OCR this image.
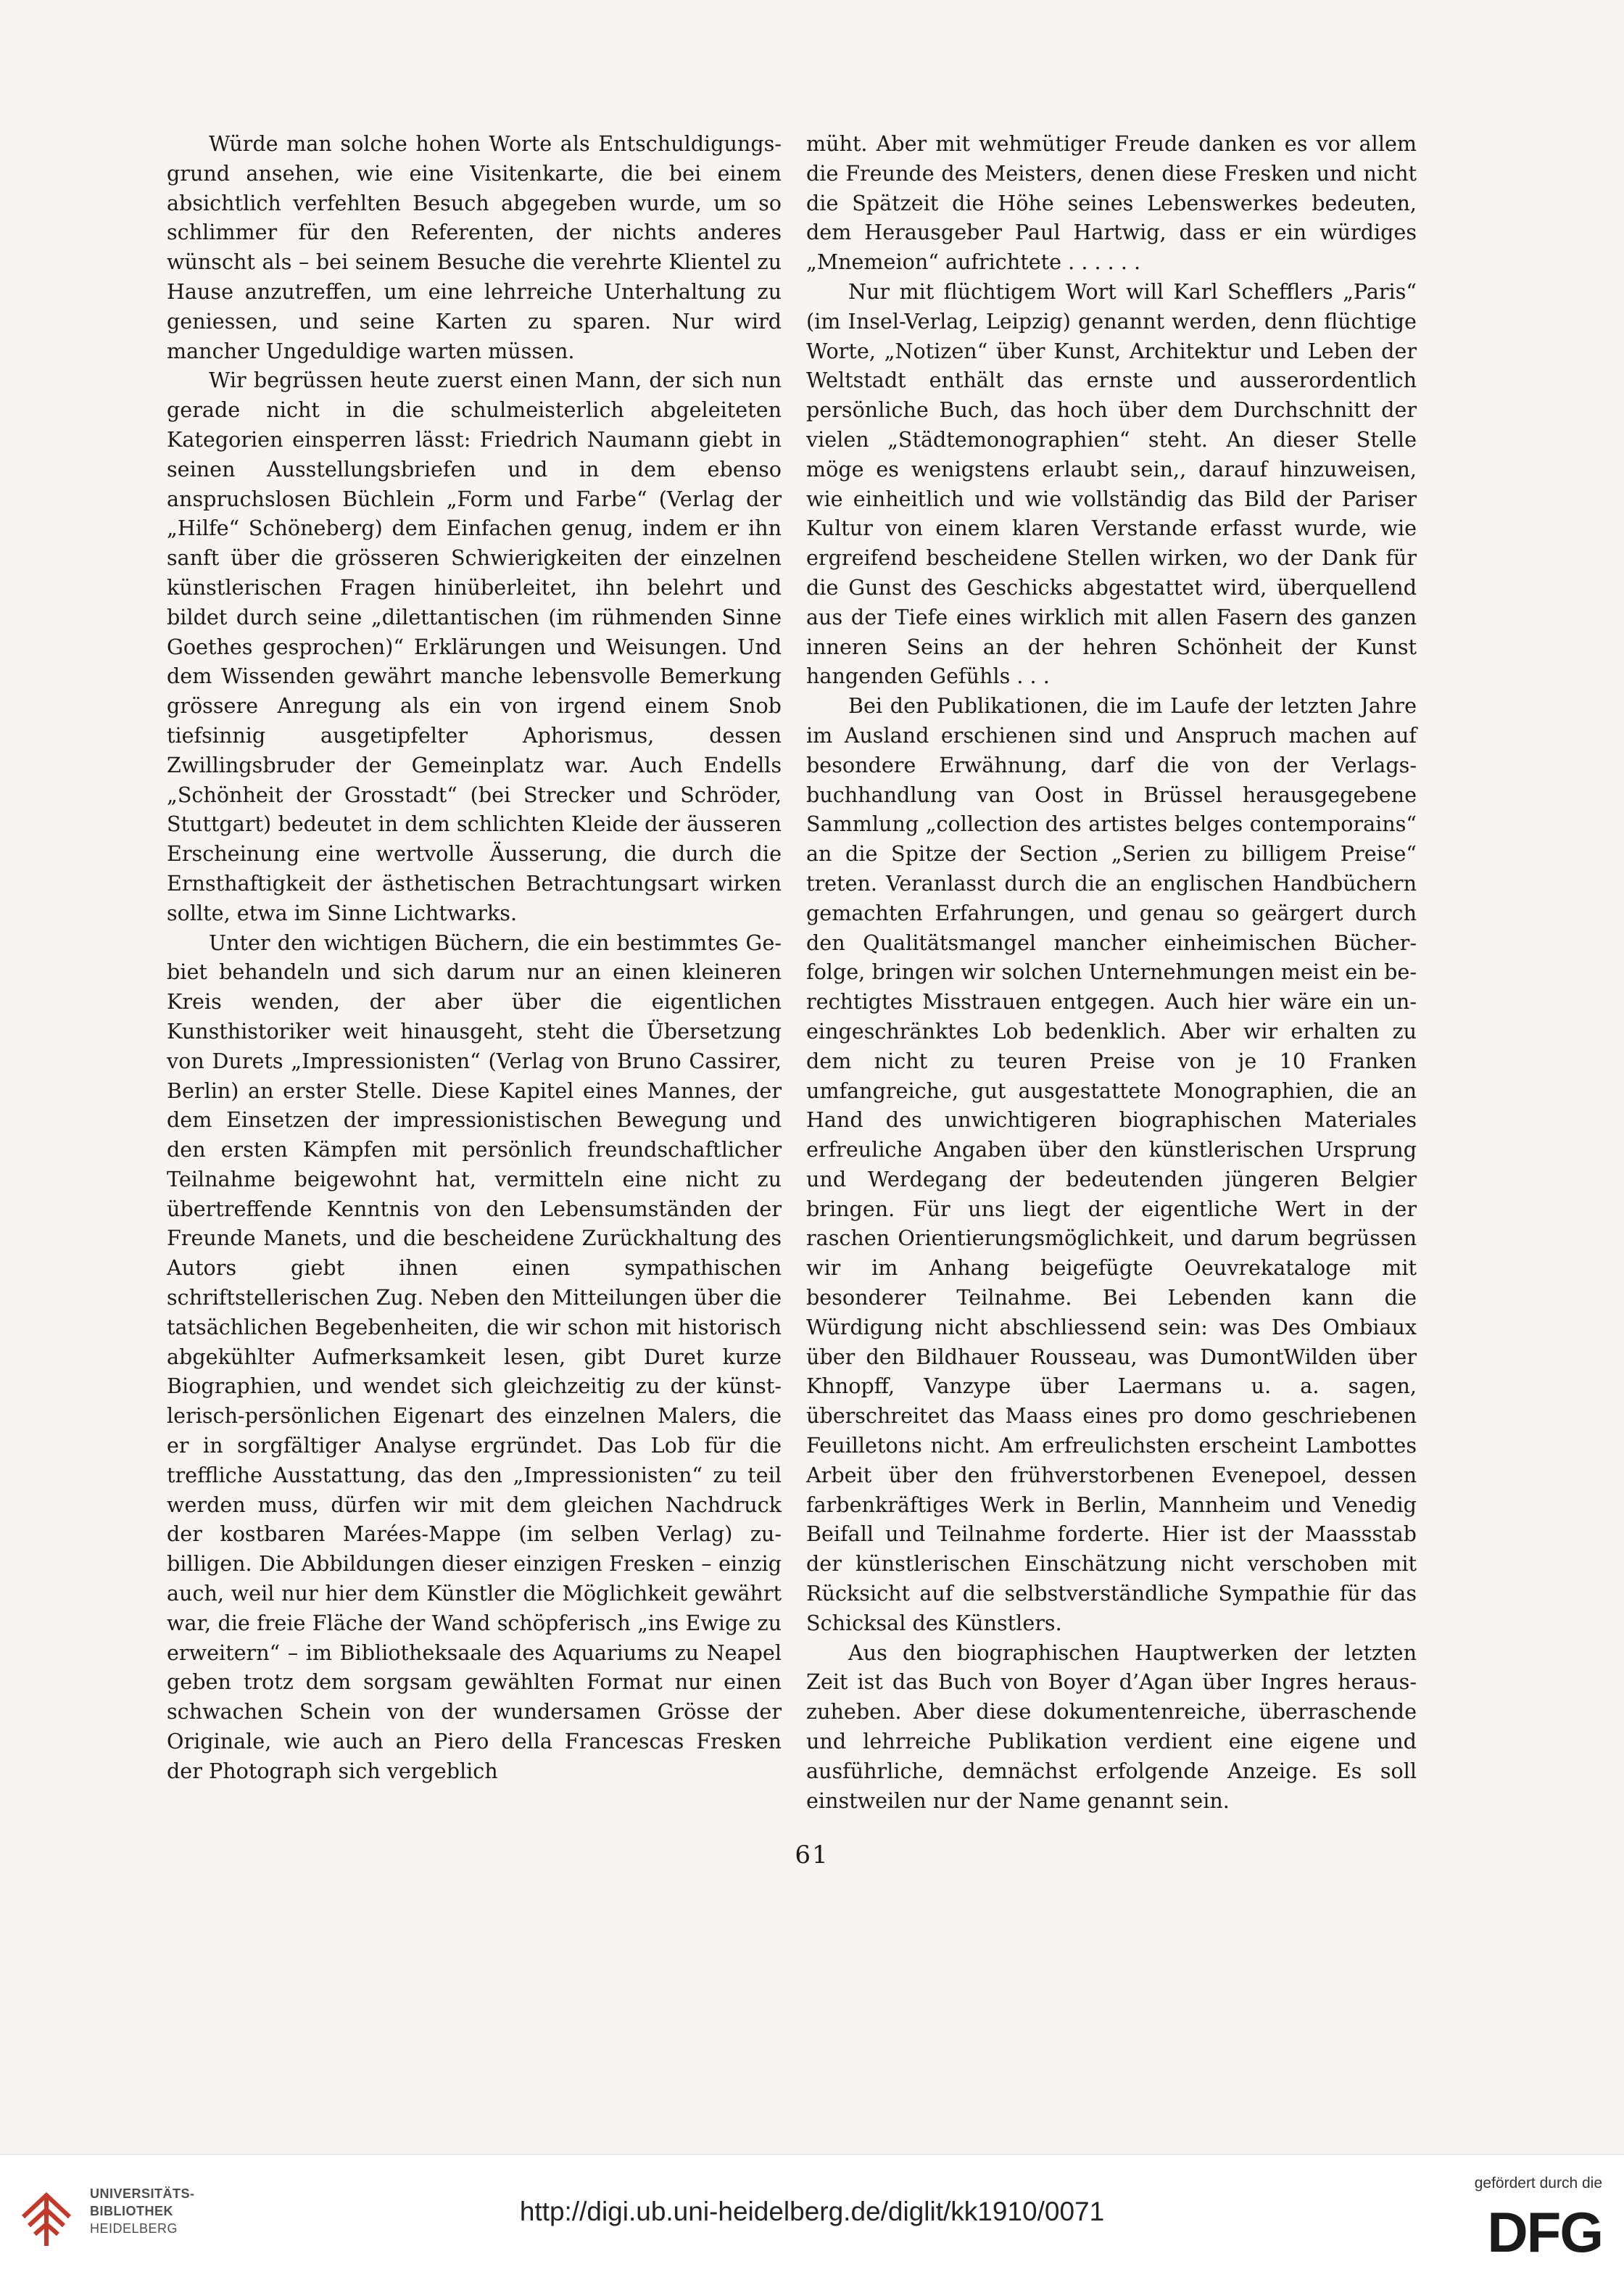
Würde man solche hohen Worte als Entschuldigungsgrund ansehen, wie eine Visitenkarte, die bei einem absichtlich verfehlten Besuch abgegeben wurde, um so schlimmer für den Referenten, der nichts anderes wünscht als – bei seinem Besuche die verehrte Klientel zu Hause anzutreffen, um eine lehrreiche Unterhaltung zu geniessen, und seine Karten zu sparen. Nur wird mancher Ungeduldige warten müssen.

Wir begrüssen heute zuerst einen Mann, der sich nun gerade nicht in die schulmeisterlich abgeleiteten Kategorien einsperren lässt: Friedrich Naumann giebt in seinen Ausstellungsbriefen und in dem ebenso anspruchslosen Büchlein „Form und Farbe“ (Verlag der „Hilfe“ Schöneberg) dem Einfachen genug, indem er ihn sanft über die grösseren Schwierigkeiten der einzelnen künstlerischen Fragen hinüberleitet, ihn belehrt und bildet durch seine „dilettantischen (im rühmenden Sinne Goethes gesprochen)“ Erklärungen und Weisungen. Und dem Wissenden gewährt manche lebensvolle Bemerkung grössere Anregung als ein von irgend einem Snob tiefsinnig ausgetipfelter Aphorismus, dessen Zwillingsbruder der Gemeinplatz war. Auch Endells „Schönheit der Grosstadt“ (bei Strecker und Schröder, Stuttgart) bedeutet in dem schlichten Kleide der äusseren Erscheinung eine wertvolle Äusserung, die durch die Ernsthaftigkeit der ästhetischen Betrachtungsart wirken sollte, etwa im Sinne Lichtwarks.

Unter den wichtigen Büchern, die ein bestimmtes Gebiet behandeln und sich darum nur an einen kleineren Kreis wenden, der aber über die eigentlichen Kunsthistoriker weit hinausgeht, steht die Übersetzung von Durets „Impressionisten“ (Verlag von Bruno Cassirer, Berlin) an erster Stelle. Diese Kapitel eines Mannes, der dem Einsetzen der impressionistischen Bewegung und den ersten Kämpfen mit persönlich freundschaftlicher Teilnahme beigewohnt hat, vermitteln eine nicht zu übertreffende Kenntnis von den Lebensumständen der Freunde Manets, und die bescheidene Zurückhaltung des Autors giebt ihnen einen sympathischen schriftstellerischen Zug. Neben den Mitteilungen über die tatsächlichen Begebenheiten, die wir schon mit historisch abgekühlter Aufmerksamkeit lesen, gibt Duret kurze Biographien, und wendet sich gleichzeitig zu der künstlerisch-persönlichen Eigenart des einzelnen Malers, die er in sorgfältiger Analyse ergründet. Das Lob für die treffliche Ausstattung, das den „Impressionisten“ zu teil werden muss, dürfen wir mit dem gleichen Nachdruck der kostbaren Marées-Mappe (im selben Verlag) zubilligen. Die Abbildungen dieser einzigen Fresken – einzig auch, weil nur hier dem Künstler die Möglichkeit gewährt war, die freie Fläche der Wand schöpferisch „ins Ewige zu erweitern“ – im Bibliotheksaale des Aquariums zu Neapel geben trotz dem sorgsam gewählten Format nur einen schwachen Schein von der wundersamen Grösse der Originale, wie auch an Piero della Francescas Fresken der Photograph sich vergeblich

müht. Aber mit wehmütiger Freude danken es vor allem die Freunde des Meisters, denen diese Fresken und nicht die Spätzeit die Höhe seines Lebenswerkes bedeuten, dem Herausgeber Paul Hartwig, dass er ein würdiges „Mnemeion“ aufrichtete . . . . . .

Nur mit flüchtigem Wort will Karl Schefflers „Paris“ (im Insel-Verlag, Leipzig) genannt werden, denn flüchtige Worte, „Notizen“ über Kunst, Architektur und Leben der Weltstadt enthält das ernste und ausserordentlich persönliche Buch, das hoch über dem Durchschnitt der vielen „Städtemonographien“ steht. An dieser Stelle möge es wenigstens erlaubt sein,, darauf hinzuweisen, wie einheitlich und wie vollständig das Bild der Pariser Kultur von einem klaren Verstande erfasst wurde, wie ergreifend bescheidene Stellen wirken, wo der Dank für die Gunst des Geschicks abgestattet wird, überquellend aus der Tiefe eines wirklich mit allen Fasern des ganzen inneren Seins an der hehren Schönheit der Kunst hangenden Gefühls . . .

Bei den Publikationen, die im Laufe der letzten Jahre im Ausland erschienen sind und Anspruch machen auf besondere Erwähnung, darf die von der Verlagsbuchhandlung van Oost in Brüssel herausgegebene Sammlung „collection des artistes belges contemporains“ an die Spitze der Section „Serien zu billigem Preise“ treten. Veranlasst durch die an englischen Handbüchern gemachten Erfahrungen, und genau so geärgert durch den Qualitätsmangel mancher einheimischen Bücherfolge, bringen wir solchen Unternehmungen meist ein berechtigtes Misstrauen entgegen. Auch hier wäre ein uneingeschränktes Lob bedenklich. Aber wir erhalten zu dem nicht zu teuren Preise von je 10 Franken umfangreiche, gut ausgestattete Monographien, die an Hand des unwichtigeren biographischen Materiales erfreuliche Angaben über den künstlerischen Ursprung und Werdegang der bedeutenden jüngeren Belgier bringen. Für uns liegt der eigentliche Wert in der raschen Orientierungsmöglichkeit, und darum begrüssen wir im Anhang beigefügte Oeuvrekataloge mit besonderer Teilnahme. Bei Lebenden kann die Würdigung nicht abschliessend sein: was Des Ombiaux über den Bildhauer Rousseau, was DumontWilden über Khnopff, Vanzype über Laermans u. a. sagen, überschreitet das Maass eines pro domo geschriebenen Feuilletons nicht. Am erfreulichsten erscheint Lambottes Arbeit über den frühverstorbenen Evenepoel, dessen farbenkräftiges Werk in Berlin, Mannheim und Venedig Beifall und Teilnahme forderte. Hier ist der Maassstab der künstlerischen Einschätzung nicht verschoben mit Rücksicht auf die selbstverständliche Sympathie für das Schicksal des Künstlers.

Aus den biographischen Hauptwerken der letzten Zeit ist das Buch von Boyer d’Agan über Ingres herauszuheben. Aber diese dokumentenreiche, überraschende und lehrreiche Publikation verdient eine eigene und ausführliche, demnächst erfolgende Anzeige. Es soll einstweilen nur der Name genannt sein.

61
UNIVERSITÄTS-
BIBLIOTHEK
HEIDELBERG
http://digi.ub.uni-heidelberg.de/diglit/kk1910/0071
gefördert durch die
DFG
